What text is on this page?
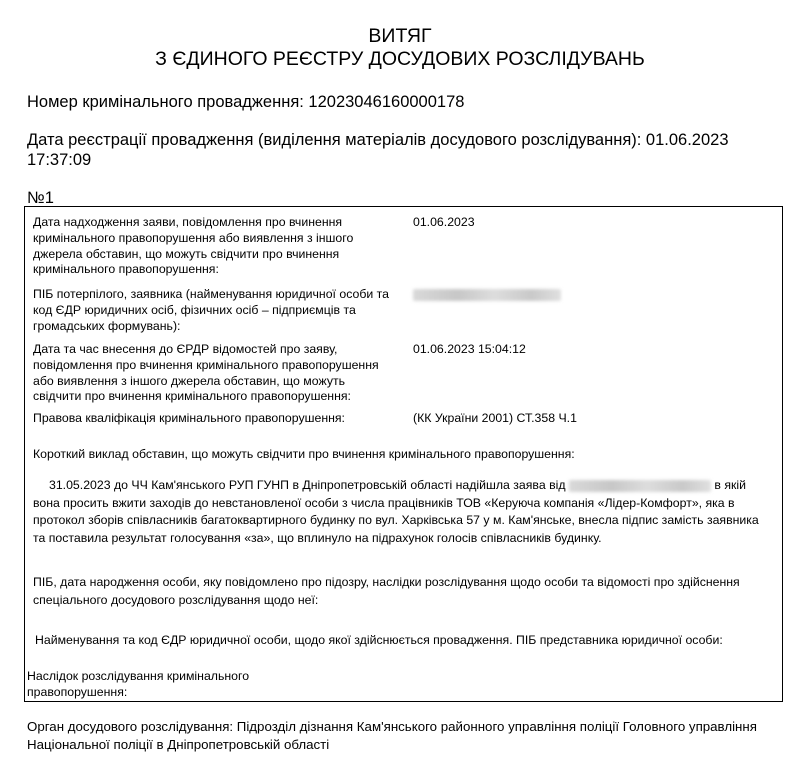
ВИТЯГ
З ЄДИНОГО РЕЄСТРУ ДОСУДОВИХ РОЗСЛІДУВАНЬ
Номер кримінального провадження: 12023046160000178
Дата реєстрації провадження (виділення матеріалів досудового розслідування): 01.06.2023 17:37:09
№1

Дата надходження заяви, повідомлення про вчинення кримінального правопорушення або виявлення з іншого джерела обставин, що можуть свідчити про вчинення кримінального правопорушення:

01.06.2023

ПІБ потерпілого, заявника (найменування юридичної особи та код ЄДР юридичних осіб, фізичних осіб – підприємців та громадських формувань):

Дата та час внесення до ЄРДР відомостей про заяву, повідомлення про вчинення кримінального правопорушення або виявлення з іншого джерела обставин, що можуть свідчити про вчинення кримінального правопорушення:

01.06.2023 15:04:12

Правова кваліфікація кримінального правопорушення:	(КК України 2001) СТ.358 Ч.1

Короткий виклад обставин, що можуть свідчити про вчинення кримінального правопорушення:

31.05.2023 до ЧЧ Кам'янського РУП ГУНП в Дніпропетровській області надійшла заява від	в якій вона просить вжити заходів до невстановленої особи з числа працівників ТОВ «Керуюча компанія «Лідер-Комфорт», яка в протокол зборів співласників багатоквартирного будинку по вул. Харківська 57 у м. Кам'янське, внесла підпис замість заявника та поставила результат голосування «за», що вплинуло на підрахунок голосів співласників будинку.

ПІБ, дата народження особи, яку повідомлено про підозру, наслідки розслідування щодо особи та відомості про здійснення спеціального досудового розслідування щодо неї:

Найменування та код ЄДР юридичної особи, щодо якої здійснюється провадження. ПІБ представника юридичної особи:

Наслідок розслідування кримінального правопорушення:

Орган досудового розслідування: Підрозділ дізнання Кам'янського районного управління поліції Головного управління Національної поліції в Дніпропетровській області
